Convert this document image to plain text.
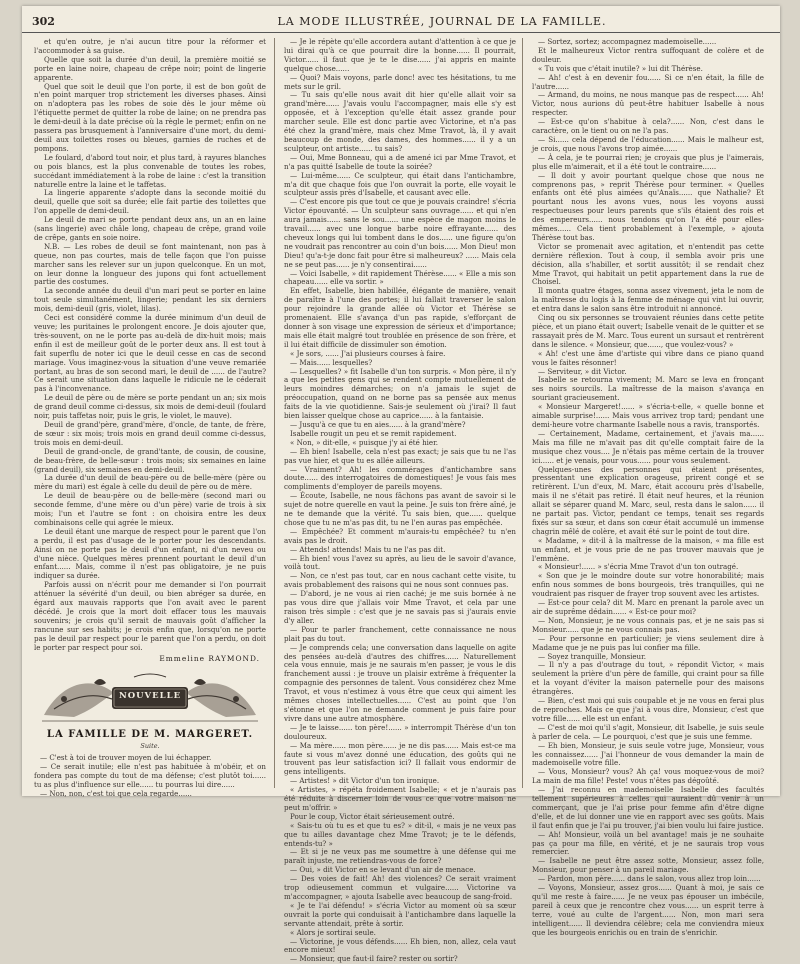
302	LA MODE ILLUSTRÉE, JOURNAL DE LA FAMILLE.

et qu'en outre, je n'ai aucun titre pour la réformer et l'accommoder à sa guise.

Quelle que soit la durée d'un deuil, la première moitié se porte en laine noire, chapeau de crêpe noir; point de lingerie apparente.

Quel que soit le deuil que l'on porte, il est de bon goût de n'en point marquer trop strictement les diverses phases. Ainsi on n'adoptera pas les robes de soie dès le jour même où l'étiquette permet de quitter la robe de laine; on ne prendra pas le demi-deuil à la date précise où la règle le permet; enfin on ne passera pas brusquement à l'anniversaire d'une mort, du demi-deuil aux toilettes roses ou bleues, garnies de ruches et de pompons.

Le foulard, d'abord tout noir, et plus tard, à rayures blanches ou pois blancs, est la plus convenable de toutes les robes, succédant immédiatement à la robe de laine : c'est la transition naturelle entre la laine et le taffetas.

La lingerie apparente s'adopte dans la seconde moitié du deuil, quelle que soit sa durée; elle fait partie des toilettes que l'on appelle de demi-deuil.

Le deuil de mari se porte pendant deux ans, un an en laine (sans lingerie) avec châle long, chapeau de crêpe, grand voile de crêpe, gants en soie noire.

N.B. — Les robes de deuil se font maintenant, non pas à queue, non pas courtes, mais de telle façon que l'on puisse marcher sans les relever sur un jupon quelconque. En un mot, on leur donne la longueur des jupons qui font actuellement partie des costumes.

La seconde année du deuil d'un mari peut se porter en laine tout seule simultanément, lingerie; pendant les six derniers mois, demi-deuil (gris, violet, lilas).

Ceci est considéré comme la durée minimum d'un deuil de veuve; les puritaines le prolongent encore. Je dois ajouter que, très-souvent, on ne le porte pas au-delà de dix-huit mois; mais enfin il est de meilleur goût de le porter deux ans. Il est tout à fait superflu de noter ici que le deuil cesse en cas de second mariage. Vous imaginez-vous la situation d'une veuve remariée portant, au bras de son second mari, le deuil de ...... de l'autre? Ce serait une situation dans laquelle le ridicule ne le céderait pas à l'inconvenance.

Le deuil de père ou de mère se porte pendant un an; six mois de grand deuil comme ci-dessus, six mois de demi-deuil (foulard noir, puis taffetas noir, puis le gris, le violet, le mauve).

Deuil de grand'père, grand'mère, d'oncle, de tante, de frère, de sœur : six mois; trois mois en grand deuil comme ci-dessus, trois mois en demi-deuil.

Deuil de grand-oncle, de grand'tante, de cousin, de cousine, de beau-frère, de belle-sœur : trois mois; six semaines en laine (grand deuil), six semaines en demi-deuil.

La durée d'un deuil de beau-père ou de belle-mère (père ou mère du mari) est égale à celle du deuil de père ou de mère.

Le deuil de beau-père ou de belle-mère (second mari ou seconde femme, d'une mère ou d'un père) varie de trois à six mois; l'un et l'autre se font : on choisira entre les deux combinaisons celle qui agrée le mieux.

Le deuil étant une marque de respect pour le parent que l'on a perdu, il est pas d'usage de le porter pour les descendants. Ainsi on ne porte pas le deuil d'un enfant, ni d'un neveu ou d'une nièce. Quelques mères prennent pourtant le deuil d'un enfant...... Mais, comme il n'est pas obligatoire, je ne puis indiquer sa durée.

Parfois aussi on n'écrit pour me demander si l'on pourrait atténuer la sévérité d'un deuil, ou bien abréger sa durée, en égard aux mauvais rapports que l'on avait avec le parent décédé. Je crois que la mort doit effacer tous les mauvais souvenirs; je crois qu'il serait de mauvais goût d'afficher la rancune sur ses habits; je crois enfin que, lorsqu'on ne porte pas le deuil par respect pour le parent que l'on a perdu, on doit le porter par respect pour soi.

Emmeline RAYMOND.
NOUVELLE
LA FAMILLE DE M. MARGERET.
Suite.

— C'est à toi de trouver moyen de lui échapper.

— Ce serait inutile; elle n'est pas habituée à m'obéir, et on fondera pas compte du tout de ma défense; c'est plutôt toi...... tu as plus d'influence sur elle...... tu pourras lui dire......

— Non, non, c'est toi que cela regarde......

— Je le répète qu'elle accordera autant d'attention à ce que je lui dirai qu'à ce que pourrait dire la bonne...... Il pourrait, Victor...... il faut que je te le dise...... j'ai appris en mainte quelque chose......

— Quoi? Mais voyons, parle donc! avec tes hésitations, tu me mets sur le gril.

— Tu sais qu'elle nous avait dit hier qu'elle allait voir sa grand'mère...... J'avais voulu l'accompagner, mais elle s'y est opposée, et à l'exception qu'elle était assez grande pour marcher seule. Elle est donc partie avec Victorine, et n'a pas été chez la grand'mère, mais chez Mme Travot, là, il y avait beaucoup de monde, des dames, des hommes...... il y a un sculpteur, ont artiste...... tu sais?

— Oui, Mme Bonneau, qui a de amené ici par Mme Travot, et n'a pas quitté Isabelle de toute la soirée?

— Lui-même...... Ce sculpteur, qui était dans l'antichambre, m'a dit que chaque fois que l'on ouvrait la porte, elle voyait le sculpteur assis près d'Isabelle, et causant avec elle.

— C'est encore pis que tout ce que je pouvais craindre! s'écria Victor épouvanté. — Un sculpteur sans ouvrage...... et qui n'en aura jamais...... sans le sou...... une espèce de magon moins le travail...... avec une longue barbe noire effrayante...... des cheveux longs qui lui tombent dans le dos...... une figure qu'on ne voudrait pas rencontrer au coin d'un bois...... Mon Dieu! mon Dieu! qu'a-t-je donc fait pour être si malheureux? ...... Mais cela ne se peut pas...... je n'y consentirai......

— Voici Isabelle, » dit rapidement Thérèse...... « Elle a mis son chapeau...... elle va sortir. »

En effet, Isabelle, bien habillée, élégante de manière, venait de paraître à l'une des portes; il lui fallait traverser le salon pour rejoindre la grande allée où Victor et Thérèse se promenaient. Elle s'avança d'un pas rapide, s'efforçant de donner à son visage une expression de sérieux et d'importance; mais elle était malgré tout troublée en présence de son frère, et il lui était difficile de dissimuler son émotion.

« Je sors, ...... J'ai plusieurs courses à faire.

— Mais...... lesquelles?

— Lesquelles? » fit Isabelle d'un ton surpris. « Mon père, il n'y a que les petites gens qui se rendent compte mutuellement de leurs moindres démarches; on n'a jamais le sujet de préoccupation, quand on ne borne pas sa pensée aux menus faits de la vie quotidienne. Sais-je seulement où j'irai? Il faut bien laisser quelque chose au caprice...... à la fantaisie.

— Jusqu'à ce que tu en aies...... à la grand'mère?

Isabelle rougit un peu et se remit rapidement.

« Non, » dit-elle, « puisque j'y ai été hier.

— Eh bien! Isabelle, cela n'est pas exact; je sais que tu ne l'as pas vue hier, et que tu es allée ailleurs.

— Vraiment? Ah! les commérages d'antichambre sans doute...... des interrogatoires de domestiques! Je vous fais mes compliments d'employer de pareils moyens.

— Écoute, Isabelle, ne nous fâchons pas avant de savoir si le sujet de notre querelle en vaut la peine. Je suis ton frère aîné, je ne te demande que la vérité. Tu sais bien, que...... quelque chose que tu ne m'as pas dit, tu ne l'en auras pas empêchée.

— Empêchée? Et comment m'aurais-tu empêchée? tu n'en avais pas le droit.

— Attends! attends! Mais tu ne l'as pas dit.

— Eh bien! vous l'avez su après, au lieu de le savoir d'avance, voilà tout.

— Non, ce n'est pas tout, car en nous cachant cette visite, tu avais probablement des raisons qui ne nous sont connues pas.

— D'abord, je ne vous ai rien caché; je me suis bornée à ne pas vous dire que j'allais voir Mme Travot, et cela par une raison très simple : c'est que je ne savais pas si j'aurais envie d'y aller.

— Pour te parler franchement, cette connaissance ne nous plait pas du tout.

— Je comprends cela; une conversation dans laquelle on agite des pensées au-delà d'autres des chiffres...... Naturellement cela vous ennuie, mais je ne saurais m'en passer, je vous le dis franchement aussi : je trouve un plaisir extrême à fréquenter la compagnie des personnes de talent. Vous considérez chez Mme Travot, et vous n'estimez à vous être que ceux qui aiment les mêmes choses intellectuelles...... C'est au point que l'on s'étonne et que l'on ne demande comment je puis faire pour vivre dans une autre atmosphère.

— Je te laisse...... ton père!...... » interrompit Thérèse d'un ton douloureux.

— Ma mère...... mon père...... je ne dis pas...... Mais est-ce ma faute si vous m'avez donné une éducation, des goûts qui ne trouvent pas leur satisfaction ici? Il fallait vous endormir de gens intelligents.

— Artistes! » dit Victor d'un ton ironique.

« Artistes, » répéta froidement Isabelle; « et je n'aurais pas été réduite à discerner loin de vous ce que votre maison ne peut m'offrir. »

Pour le coup, Victor était sérieusement outré.

« Sais-tu où tu es et que tu es? » dit-il, « mais je ne veux pas que tu ailles davantage chez Mme Travot; je te le défends, entends-tu? »

— Et si je ne veux pas me soumettre à une défense qui me paraît injuste, me retiendras-vous de force?

— Oui, » dit Victor en se levant d'un air de menace.

— Des voies de fait! Ah! des violences? Ce serait vraiment trop odieusement commun et vulgaire...... Victorine va m'accompagner, » ajouta Isabelle avec beaucoup de sang-froid.

« Je te l'ai défendu! » s'écria Victor au moment où sa sœur ouvrait la porte qui conduisait à l'antichambre dans laquelle la servante attendait, prête à sortir.

« Alors je sortirai seule.

— Victorine, je vous défends...... Eh bien, non, allez, cela vaut encore mieux!

— Monsieur, que faut-il faire? rester ou sortir?

— Sortez, sortez; accompagnez mademoiselle......

Et le malheureux Victor rentra suffoquant de colère et de douleur.

« Tu vois que c'était inutile? » lui dit Thérèse.

— Ah! c'est à en devenir fou...... Si ce n'en était, la fille de l'autre......

— Armand, du moins, ne nous manque pas de respect...... Ah! Victor, nous aurions dû peut-être habituer Isabelle à nous respecter.

— Est-ce qu'on s'habitue à cela?...... Non, c'est dans le caractère, on le tient ou on ne l'a pas.

— Si...... cela dépend de l'éducation...... Mais le malheur est, je crois, que nous l'avons trop aimée......

— À cela, je te pourrai rien; je croyais que plus je l'aimerais, plus elle m'aimerait, et il a été tout le contraire......

— Il doit y avoir pourtant quelque chose que nous ne comprenons pas, » reprit Thérèse pour terminer. « Quelles enfants ont été plus aimées qu'Anaïs...... que Nathalie? Et pourtant nous les avons vues, nous les voyons aussi respectueuses pour leurs parents que s'ils étaient des rois et des empereurs...... nous tendons qu'on l'a été pour elles-mêmes...... Cela tient probablement à l'exemple, » ajouta Thérèse tout bas.

Victor se promenait avec agitation, et n'entendit pas cette dernière réflexion. Tout à coup, il sembla avoir pris une décision, alla s'habiller, et sortit aussitôt; il se rendait chez Mme Travot, qui habitait un petit appartement dans la rue de Choisel.

Il monta quatre étages, sonna assez vivement, jeta le nom de la maîtresse du logis à la femme de ménage qui vint lui ouvrir, et entra dans le salon sans être introduit ni annoncé.

Cinq ou six personnes se trouvaient réunies dans cette petite pièce, et un piano était ouvert; Isabelle venait de le quitter et se rassayait près de M. Marc. Tous eurent un sursaut et rentrèrent dans le silence. « Monsieur, que......, que voulez-vous? »

« Ah! c'est une âme d'artiste qui vibre dans ce piano quand vous le faites résonner!

— Serviteur, » dit Victor.

Isabelle se retourna vivement; M. Marc se leva en fronçant ses noirs sourcils. La maîtresse de la maison s'avança en souriant gracieusement.

« Monsieur Margeret!...... » s'écria-t-elle, « quelle bonne et aimable surprise!...... Mais vous arrivez trop tard; pendant une demi-heure votre charmante Isabelle nous a ravis, transportés.

— Certainement, Madame, certainement, et j'avais ma...... Mais ma fille ne m'avait pas dit qu'elle comptait faire de la musique chez vous.... Je n'étais pas même certain de la trouver ici...... et je venais, pour vous...... pour vous seulement.

Quelques-unes des personnes qui étaient présentes, pressentant une explication orageuse, prirent congé et se retirèrent. L'un d'eux, M. Marc, était accouru près d'Isabelle, mais il ne s'était pas retiré. Il était neuf heures, et la réunion allait se séparer quand M. Marc, seul, resta dans le salon...... il ne partait pas. Victor, pendant ce temps, tenait ses regards fixés sur sa sœur, et dans son cœur était accumulé un immense chagrin mêlé de colère, et avait été sur le point de tout dire.

« Madame, » dit-il à la maîtresse de la maison, « ma fille est un enfant, et je vous prie de ne pas trouver mauvais que je l'emmène.

« Monsieur!...... » s'écria Mme Travot d'un ton outragé.

« Son que je le moindre doute sur votre honorabilité; mais enfin nous sommes de bons bourgeois, très tranquilles, qui ne voudraient pas risquer de frayer trop souvent avec les artistes.

— Est-ce pour cela? dit M. Marc en prenant la parole avec un air de suprême dédain...... « Est-ce pour moi?

— Non, Monsieur, je ne vous connais pas, et je ne sais pas si Monsieur...... que je ne vous connais pas.

— Pour personne en particulier; je viens seulement dire à Madame que je ne puis pas lui confier ma fille.

— Soyez tranquille, Monsieur.

— Il n'y a pas d'outrage du tout, » répondit Victor, « mais seulement la prière d'un père de famille, qui craint pour sa fille et la voyant d'éviter la maison paternelle pour des maisons étrangères.

— Bien, c'est moi qui suis coupable et je ne vous en ferai plus de reproches. Mais ce que j'ai à vous dire, Monsieur, c'est que votre fille...... elle est un enfant.

— C'est de moi qu'il s'agit, Monsieur, dit Isabelle, je suis seule à parler de cela. — Le pourquoi, c'est que je suis une femme.

— Eh bien, Monsieur, je suis seule votre juge, Monsieur, vous les connaissez...... J'ai l'honneur de vous demander la main de mademoiselle votre fille.

— Vous, Monsieur? vous? Ah ça! vous moquez-vous de moi? La main de ma fille! Peste! vous n'êtes pas dégoûté.

— J'ai reconnu en mademoiselle Isabelle des facultés tellement supérieures à celles qui auraient dû venir à un commerçant, que je l'ai prise pour femme afin d'être digne d'elle, et de lui donner une vie en rapport avec ses goûts. Mais il faut enfin que je l'ai pu trouver, j'ai bien voulu lui faire justice.

— Ah! Monsieur, voilà un bel avantage! mais je ne souhaite pas ça pour ma fille, en vérité, et je ne saurais trop vous remercier.

— Isabelle ne peut être assez sotte, Monsieur, assez folle, Monsieur, pour penser à un pareil mariage.

— Pardon, mon père...... dans le salon, vous allez trop loin......

— Voyons, Monsieur, assez gros...... Quant à moi, je sais ce qu'il me reste à faire...... Je ne veux pas épouser un imbécile, pareil à ceux que je rencontre chez vous...... un esprit terre à terre, voué au culte de l'argent...... Non, mon mari sera intelligent...... Il deviendra célèbre; cela me conviendra mieux que les bourgeois enrichis ou en train de s'enrichir.
